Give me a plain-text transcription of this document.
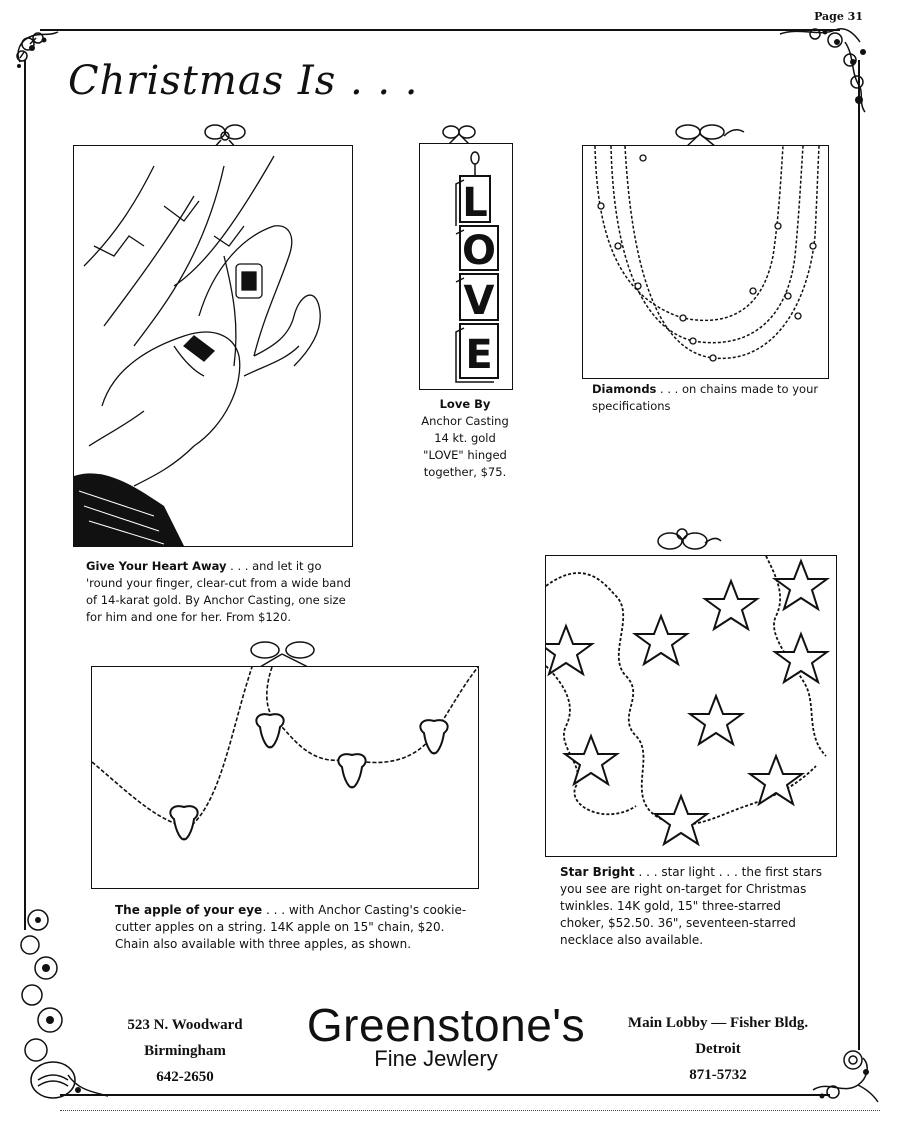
Page 31
Christmas Is . . .
Give Your Heart Away . . . and let it go 'round your finger, clear-cut from a wide band of 14-karat gold. By Anchor Casting, one size for him and one for her. From $120.
L
O
V
E
Love By
Anchor Casting
14 kt. gold
"LOVE" hinged
together, $75.
Diamonds . . . on chains made to your specifications
The apple of your eye . . . with Anchor Casting's cookie-cutter apples on a string. 14K apple on 15" chain, $20. Chain also available with three apples, as shown.
Star Bright . . . star light . . . the first stars you see are right on-target for Christmas twinkles. 14K gold, 15" three-starred choker, $52.50. 36", seventeen-starred necklace also available.
523 N. Woodward
Birmingham
642-2650
Greenstone's
Fine Jewlery
Main Lobby — Fisher Bldg.
Detroit
871-5732
